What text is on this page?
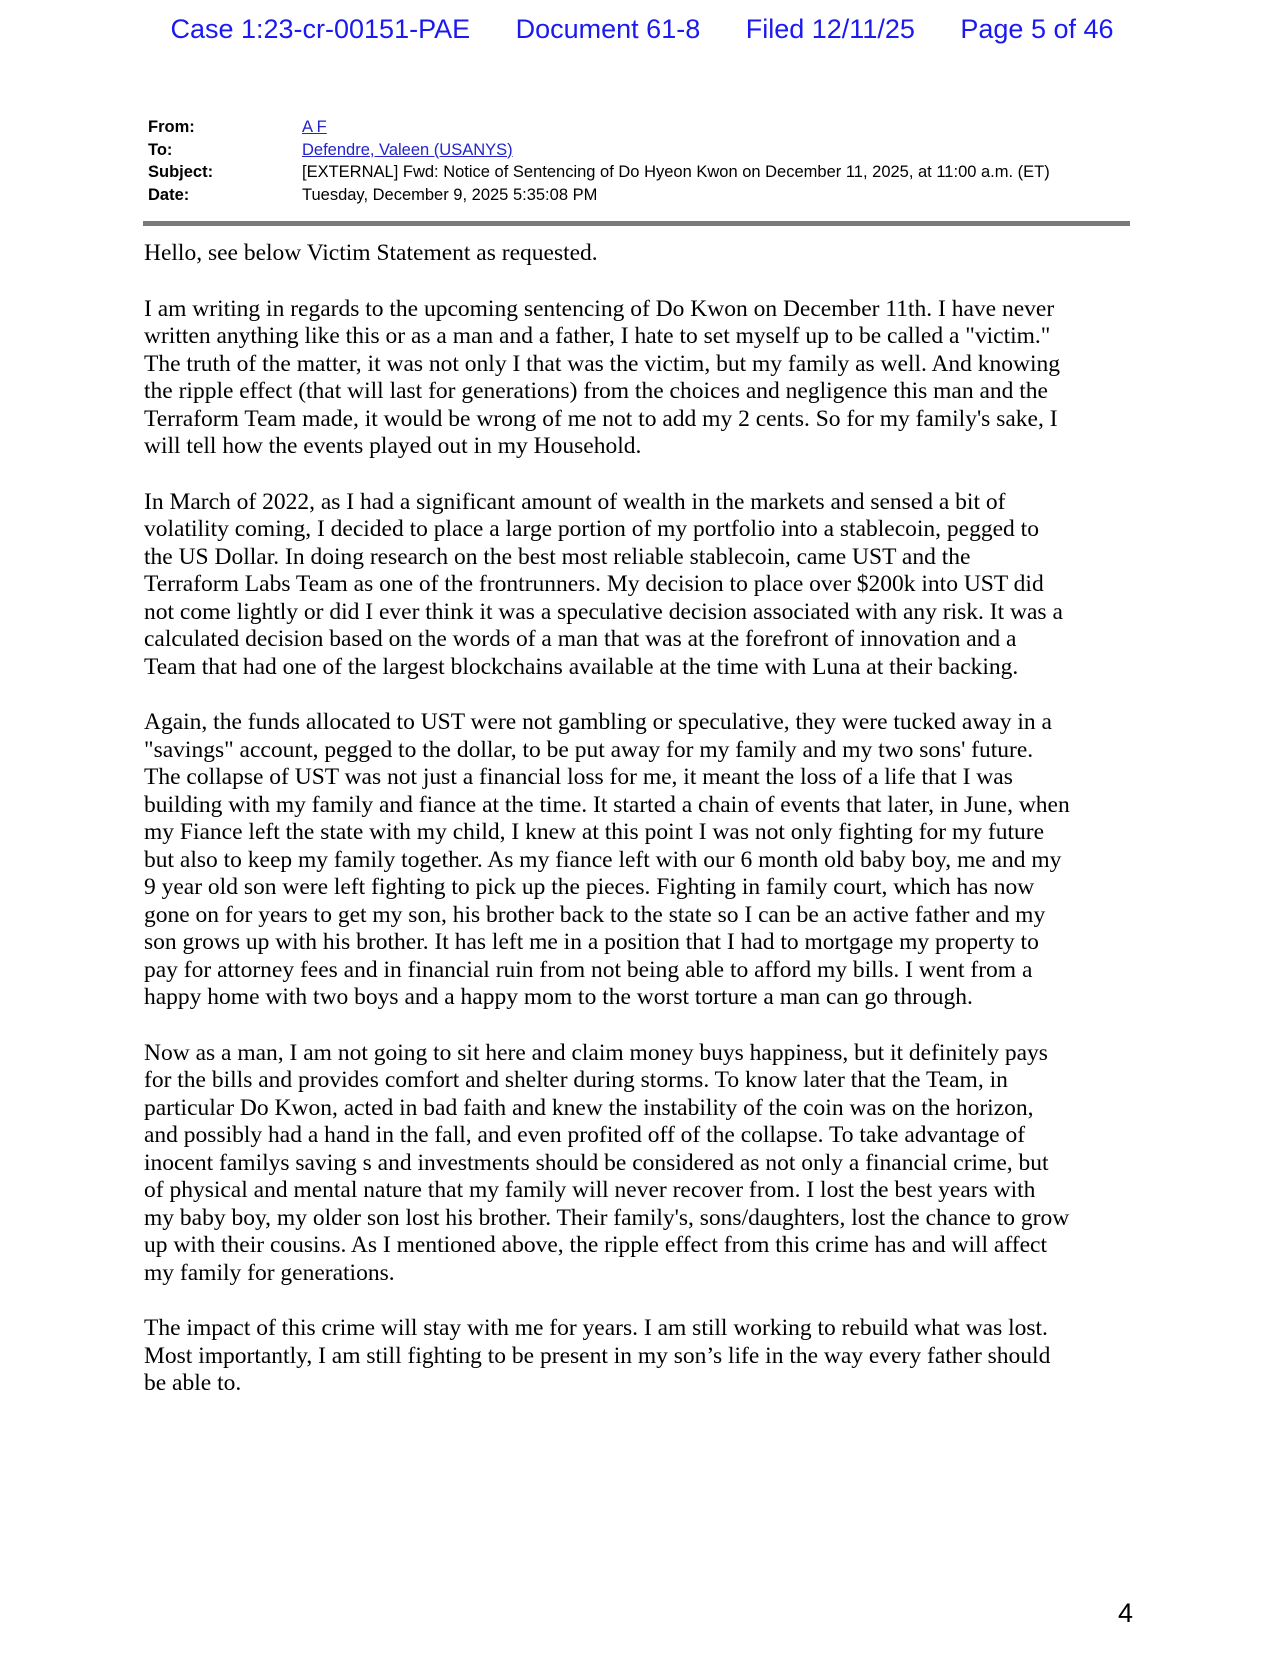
Case 1:23-cr-00151-PAE Document 61-8 Filed 12/11/25 Page 5 of 46
From:	A F
To:	Defendre, Valeen (USANYS)
Subject:	[EXTERNAL] Fwd: Notice of Sentencing of Do Hyeon Kwon on December 11, 2025, at 11:00 a.m. (ET)
Date:	Tuesday, December 9, 2025 5:35:08 PM

Hello, see below Victim Statement as requested.

I am writing in regards to the upcoming sentencing of Do Kwon on December 11th. I have never written anything like this or as a man and a father, I hate to set myself up to be called a "victim." The truth of the matter, it was not only I that was the victim, but my family as well. And knowing the ripple effect (that will last for generations) from the choices and negligence this man and the Terraform Team made, it would be wrong of me not to add my 2 cents. So for my family's sake, I will tell how the events played out in my Household.

In March of 2022, as I had a significant amount of wealth in the markets and sensed a bit of volatility coming, I decided to place a large portion of my portfolio into a stablecoin, pegged to the US Dollar. In doing research on the best most reliable stablecoin, came UST and the Terraform Labs Team as one of the frontrunners. My decision to place over $200k into UST did not come lightly or did I ever think it was a speculative decision associated with any risk. It was a calculated decision based on the words of a man that was at the forefront of innovation and a Team that had one of the largest blockchains available at the time with Luna at their backing.

Again, the funds allocated to UST were not gambling or speculative, they were tucked away in a "savings" account, pegged to the dollar, to be put away for my family and my two sons' future. The collapse of UST was not just a financial loss for me, it meant the loss of a life that I was building with my family and fiance at the time. It started a chain of events that later, in June, when my Fiance left the state with my child, I knew at this point I was not only fighting for my future but also to keep my family together. As my fiance left with our 6 month old baby boy, me and my 9 year old son were left fighting to pick up the pieces. Fighting in family court, which has now gone on for years to get my son, his brother back to the state so I can be an active father and my son grows up with his brother. It has left me in a position that I had to mortgage my property to pay for attorney fees and in financial ruin from not being able to afford my bills. I went from a happy home with two boys and a happy mom to the worst torture a man can go through.

Now as a man, I am not going to sit here and claim money buys happiness, but it definitely pays for the bills and provides comfort and shelter during storms. To know later that the Team, in particular Do Kwon, acted in bad faith and knew the instability of the coin was on the horizon, and possibly had a hand in the fall, and even profited off of the collapse. To take advantage of inocent familys saving s and investments should be considered as not only a financial crime, but of physical and mental nature that my family will never recover from. I lost the best years with my baby boy, my older son lost his brother. Their family's, sons/daughters, lost the chance to grow up with their cousins. As I mentioned above, the ripple effect from this crime has and will affect my family for generations.

The impact of this crime will stay with me for years. I am still working to rebuild what was lost. Most importantly, I am still fighting to be present in my son’s life in the way every father should be able to.

4
